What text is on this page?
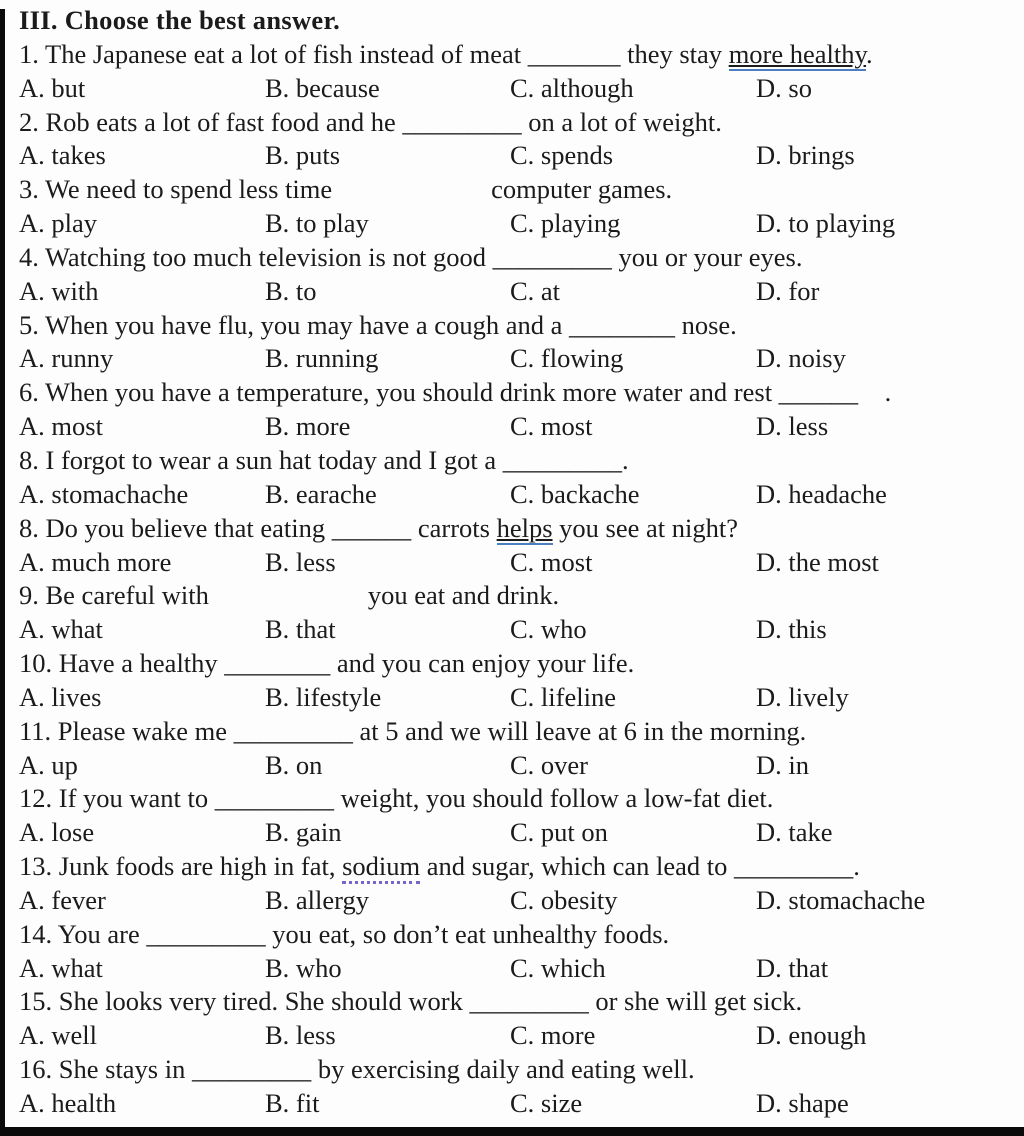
III. Choose the best answer.
1. The Japanese eat a lot of fish instead of meat _______ they stay more healthy.
A. but	B. because	C. although	D. so
2. Rob eats a lot of fast food and he _________ on a lot of weight.
A. takes	B. puts	C. spends	D. brings
3. We need to spend less time                        computer games.
A. play	B. to play	C. playing	D. to playing
4. Watching too much television is not good _________ you or your eyes.
A. with	B. to	C. at	D. for
5. When you have flu, you may have a cough and a ________ nose.
A. runny	B. running	C. flowing	D. noisy
6. When you have a temperature, you should drink more water and rest ______    .
A. most	B. more	C. most	D. less
8. I forgot to wear a sun hat today and I got a _________.
A. stomachache	B. earache	C. backache	D. headache
8. Do you believe that eating ______ carrots helps you see at night?
A. much more	B. less	C. most	D. the most
9. Be careful with                        you eat and drink.
A. what	B. that	C. who	D. this
10. Have a healthy ________ and you can enjoy your life.
A. lives	B. lifestyle	C. lifeline	D. lively
11. Please wake me _________ at 5 and we will leave at 6 in the morning.
A. up	B. on	C. over	D. in
12. If you want to _________ weight, you should follow a low-fat diet.
A. lose	B. gain	C. put on	D. take
13. Junk foods are high in fat, sodium and sugar, which can lead to _________.
A. fever	B. allergy	C. obesity	D. stomachache
14. You are _________ you eat, so don’t eat unhealthy foods.
A. what	B. who	C. which	D. that
15. She looks very tired. She should work _________ or she will get sick.
A. well	B. less	C. more	D. enough
16. She stays in _________ by exercising daily and eating well.
A. health	B. fit	C. size	D. shape
